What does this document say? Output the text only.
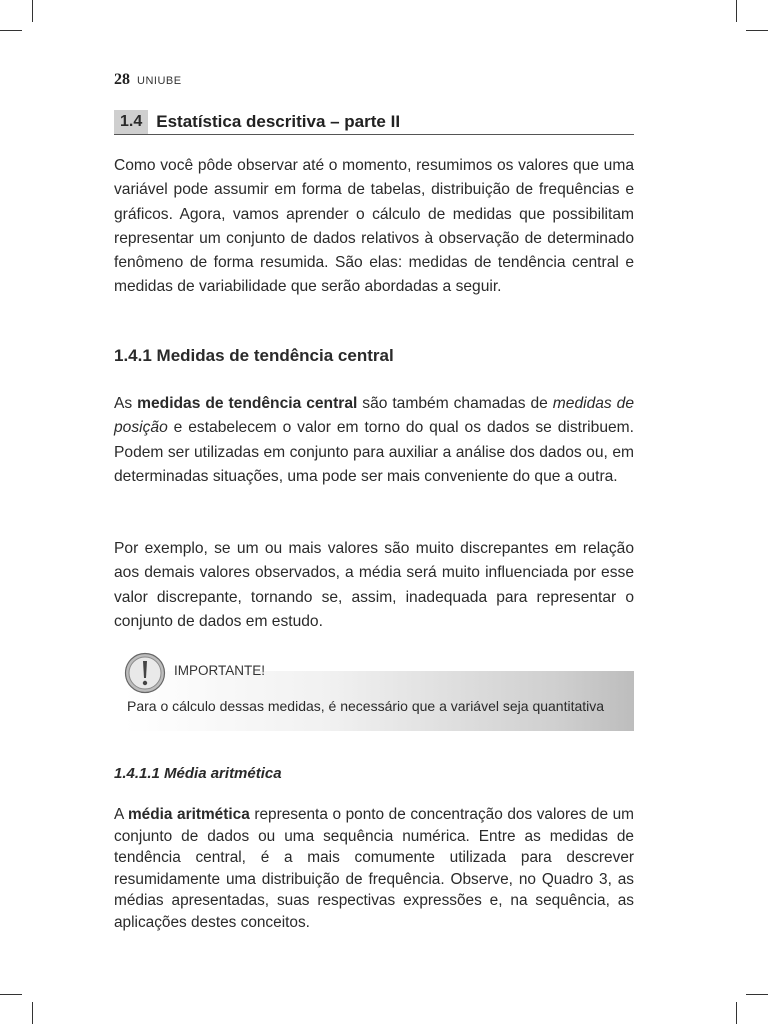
28 UNIUBE
1.4 Estatística descritiva – parte II

Como você pôde observar até o momento, resumimos os valores que uma variável pode assumir em forma de tabelas, distribuição de frequências e gráficos. Agora, vamos aprender o cálculo de medidas que possibilitam representar um conjunto de dados relativos à observação de determinado fenômeno de forma resumida. São elas: medidas de tendência central e medidas de variabilidade que serão abordadas a seguir.

1.4.1 Medidas de tendência central

As medidas de tendência central são também chamadas de medidas de posição e estabelecem o valor em torno do qual os dados se distribuem. Podem ser utilizadas em conjunto para auxiliar a análise dos dados ou, em determinadas situações, uma pode ser mais conveniente do que a outra.

Por exemplo, se um ou mais valores são muito discrepantes em relação aos demais valores observados, a média será muito influenciada por esse valor discrepante, tornando se, assim, inadequada para representar o conjunto de dados em estudo.

IMPORTANTE!
Para o cálculo dessas medidas, é necessário que a variável seja quantitativa
1.4.1.1 Média aritmética

A média aritmética representa o ponto de concentração dos valores de um conjunto de dados ou uma sequência numérica. Entre as medidas de tendência central, é a mais comumente utilizada para descrever resumidamente uma distribuição de frequência. Observe, no Quadro 3, as médias apresentadas, suas respectivas expressões e, na sequência, as aplicações destes conceitos.
